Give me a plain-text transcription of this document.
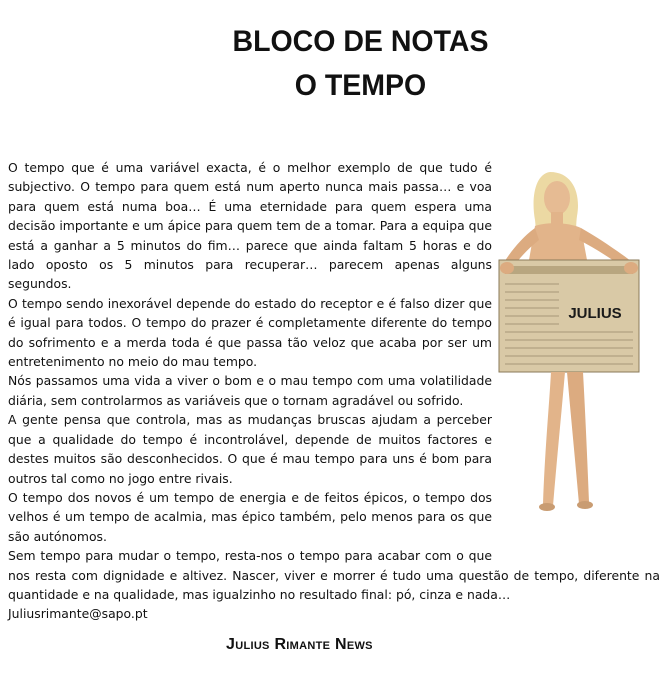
BLOCO DE NOTAS
O TEMPO
JULIUS

O tempo que é uma variável exacta, é o melhor exemplo de que tudo é subjectivo. O tempo para quem está num aperto nunca mais passa… e voa para quem está numa boa… É uma eternidade para quem espera uma decisão importante e um ápice para quem tem de a tomar. Para a equipa que está a ganhar a 5 minutos do fim… parece que ainda faltam 5 horas e do lado oposto os 5 minutos para recuperar… parecem apenas alguns segundos.

O tempo sendo inexorável depende do estado do receptor e é falso dizer que é igual para todos. O tempo do prazer é completamente diferente do tempo do sofrimento e a merda toda é que passa tão veloz que acaba por ser um entretenimento no meio do mau tempo.

Nós passamos uma vida a viver o bom e o mau tempo com uma volatilidade diária, sem controlarmos as variáveis que o tornam agradável ou sofrido.

A gente pensa que controla, mas as mudanças bruscas ajudam a perceber que a qualidade do tempo é incontrolável, depende de muitos factores e destes muitos são desconhecidos. O que é mau tempo para uns é bom para outros tal como no jogo entre rivais.

O tempo dos novos é um tempo de energia e de feitos épicos, o tempo dos velhos é um tempo de acalmia, mas épico também, pelo menos para os que são autónomos.

Sem tempo para mudar o tempo, resta-nos o tempo para acabar com o que nos resta com dignidade e altivez. Nascer, viver e morrer é tudo uma questão de tempo, diferente na quantidade e na qualidade, mas igualzinho no resultado final: pó, cinza e nada…

Juliusrimante@sapo.pt

Julius Rimante News
